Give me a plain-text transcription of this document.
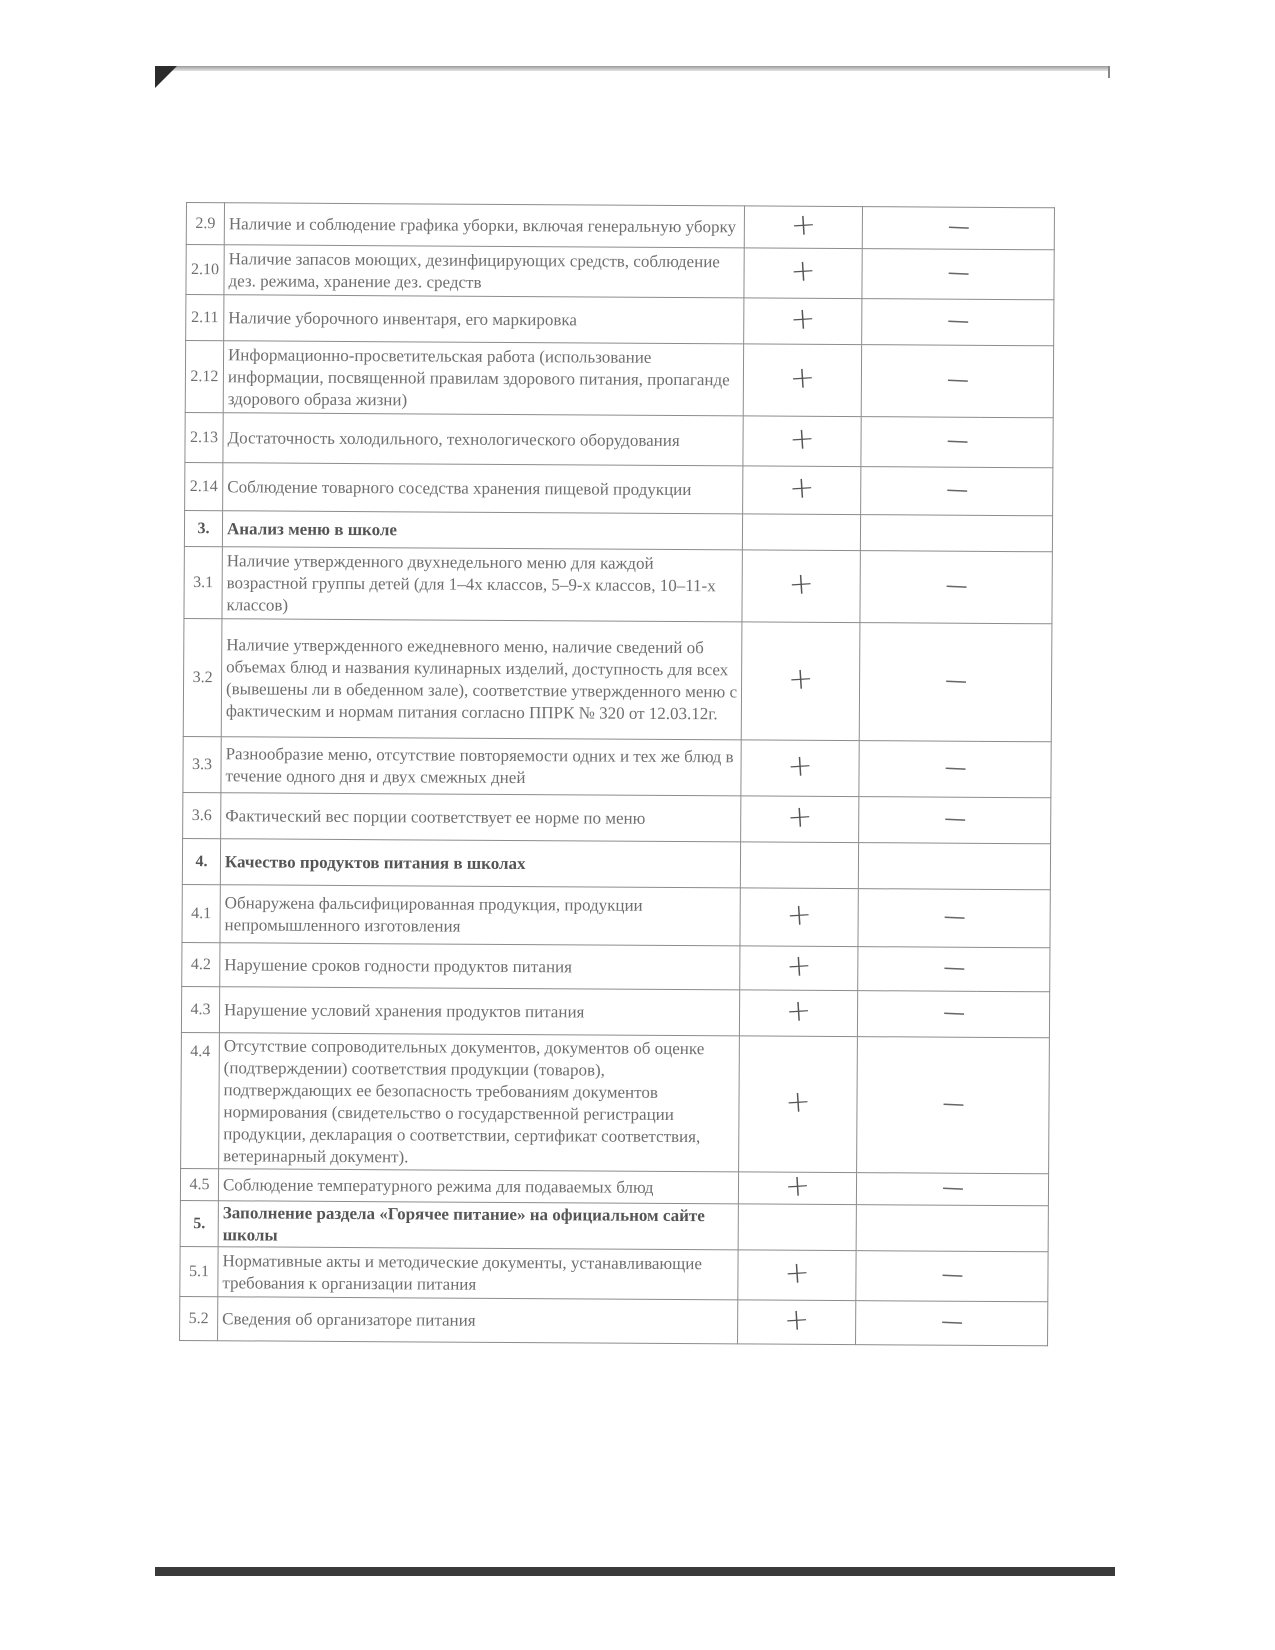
2.9	Наличие и соблюдение графика уборки, включая генеральную уборку	+	—
2.10	Наличие запасов моющих, дезинфицирующих средств, соблюдение дез. режима, хранение дез. средств	+	—
2.11	Наличие уборочного инвентаря, его маркировка	+	—
2.12	Информационно-просветительская работа (использование информации, посвященной правилам здорового питания, пропаганде здорового образа жизни)	+	—
2.13	Достаточность холодильного, технологического оборудования	+	—
2.14	Соблюдение товарного соседства хранения пищевой продукции	+	—
3.	Анализ меню в школе		
3.1	Наличие утвержденного двухнедельного меню для каждой возрастной группы детей (для 1–4х классов, 5–9-х классов, 10–11-х классов)	+	—
3.2	Наличие утвержденного ежедневного меню, наличие сведений об объемах блюд и названия кулинарных изделий, доступность для всех (вывешены ли в обеденном зале), соответствие утвержденного меню с фактическим и нормам питания согласно ППРК № 320 от 12.03.12г.	+	—
3.3	Разнообразие меню, отсутствие повторяемости одних и тех же блюд в течение одного дня и двух смежных дней	+	—
3.6	Фактический вес порции соответствует ее норме по меню	+	—
4.	Качество продуктов питания в школах		
4.1	Обнаружена фальсифицированная продукция, продукции непромышленного изготовления	+	—
4.2	Нарушение сроков годности продуктов питания	+	—
4.3	Нарушение условий хранения продуктов питания	+	—
4.4	Отсутствие сопроводительных документов, документов об оценке (подтверждении) соответствия продукции (товаров), подтверждающих ее безопасность требованиям документов нормирования (свидетельство о государственной регистрации продукции, декларация о соответствии, сертификат соответствия, ветеринарный документ).	+	—
4.5	Соблюдение температурного режима для подаваемых блюд	+	—
5.	Заполнение раздела «Горячее питание» на официальном сайте школы		
5.1	Нормативные акты и методические документы, устанавливающие требования к организации питания	+	—
5.2	Сведения об организаторе питания	+	—
